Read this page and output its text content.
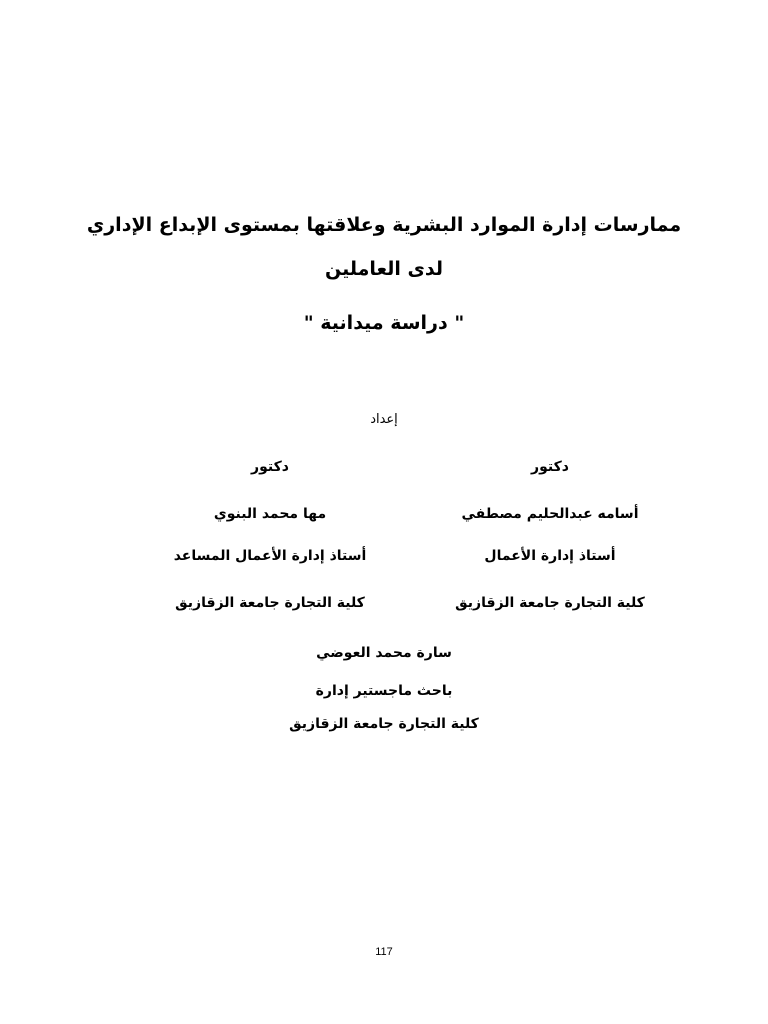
ممارسات إدارة الموارد البشرية وعلاقتها بمستوى الإبداع الإداري
لدى العاملين
" دراسة ميدانية "
إعداد
دكتور
أسامه عبدالحليم مصطفي
أستاذ إدارة الأعمال
كلية التجارة جامعة الزقازيق
دكتور
مها محمد البنوي
أستاذ إدارة الأعمال المساعد
كلية التجارة جامعة الزقازيق
سارة محمد العوضي
باحث ماجستير إدارة
كلية التجارة جامعة الزقازيق
117
